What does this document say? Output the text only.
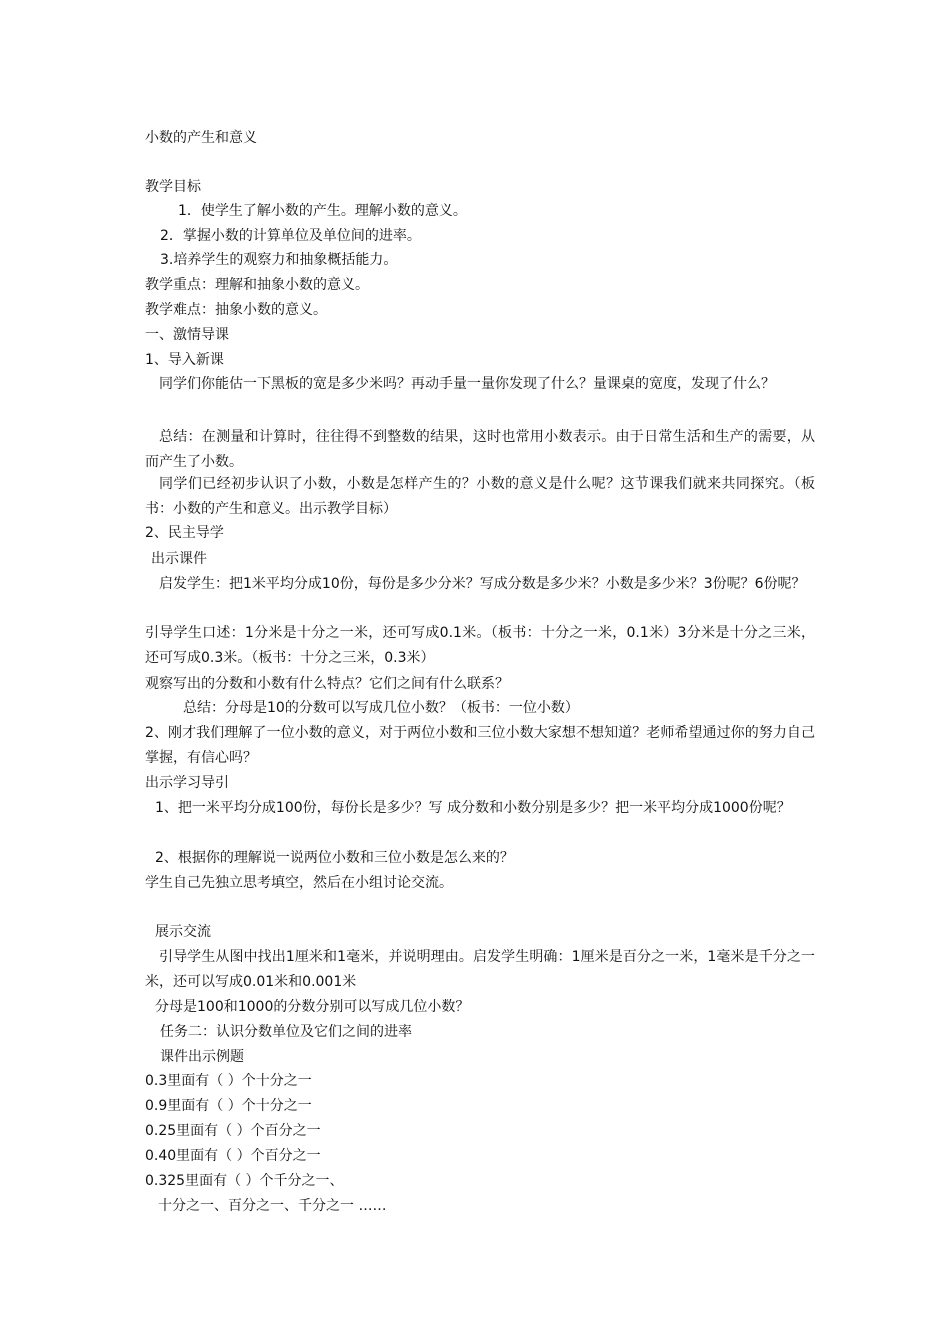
小数的产生和意义
教学目标
1．使学生了解小数的产生。理解小数的意义。
2．掌握小数的计算单位及单位间的进率。
3.培养学生的观察力和抽象概括能力。
教学重点：理解和抽象小数的意义。
教学难点：抽象小数的意义。
一、激情导课
1、导入新课
同学们你能估一下黑板的宽是多少米吗？再动手量一量你发现了什么？量课桌的宽度，发现了什么？
总结：在测量和计算时，往往得不到整数的结果，这时也常用小数表示。由于日常生活和生产的需要，从而产生了小数。
同学们已经初步认识了小数，小数是怎样产生的？小数的意义是什么呢？这节课我们就来共同探究。（板书：小数的产生和意义。出示教学目标）
2、民主导学
出示课件
启发学生：把1米平均分成10份，每份是多少分米？写成分数是多少米？小数是多少米？3份呢？6份呢？
引导学生口述：1分米是十分之一米，还可写成0.1米。（板书：十分之一米，0.1米）3分米是十分之三米，还可写成0.3米。（板书：十分之三米，0.3米）
观察写出的分数和小数有什么特点？它们之间有什么联系？
总结：分母是10的分数可以写成几位小数？（板书：一位小数）
2、刚才我们理解了一位小数的意义，对于两位小数和三位小数大家想不想知道？老师希望通过你的努力自己掌握，有信心吗？
出示学习导引
1、把一米平均分成100份，每份长是多少？写 成分数和小数分别是多少？把一米平均分成1000份呢？
2、根据你的理解说一说两位小数和三位小数是怎么来的？
学生自己先独立思考填空，然后在小组讨论交流。
展示交流
引导学生从图中找出1厘米和1毫米，并说明理由。启发学生明确：1厘米是百分之一米，1毫米是千分之一米，还可以写成0.01米和0.001米
分母是100和1000的分数分别可以写成几位小数？
任务二：认识分数单位及它们之间的进率
课件出示例题
0.3里面有（ ）个十分之一
0.9里面有（ ）个十分之一
0.25里面有（ ）个百分之一
0.40里面有（ ）个百分之一
0.325里面有（ ）个千分之一、
十分之一、百分之一、千分之一 ……
